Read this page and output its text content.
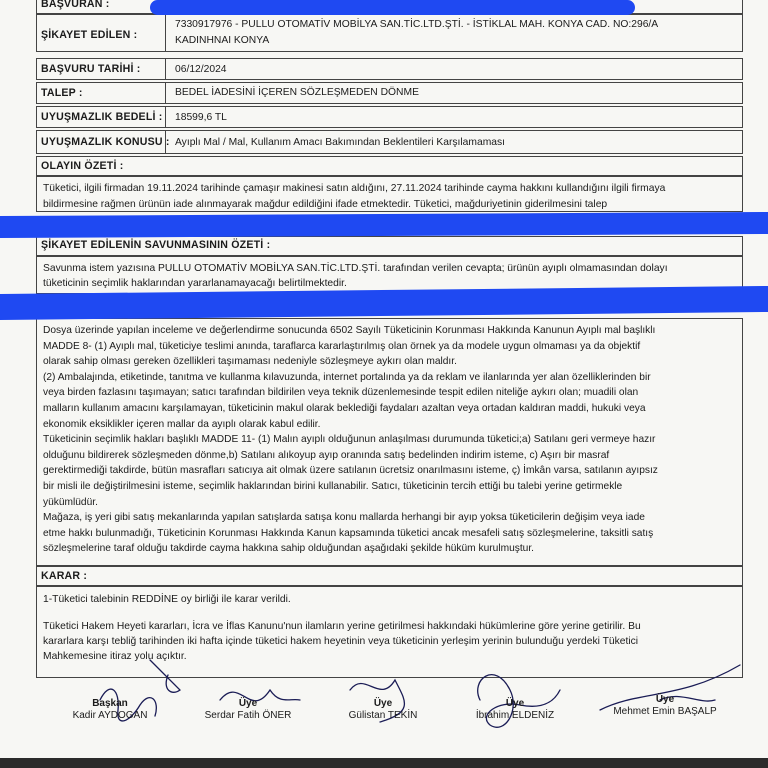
BAŞVURAN :
ŞİKAYET EDİLEN :
7330917976 - PULLU OTOMATİV MOBİLYA SAN.TİC.LTD.ŞTİ. - İSTİKLAL MAH. KONYA CAD. NO:296/A
KADINHNAI KONYA
BAŞVURU TARİHİ :	06/12/2024
TALEP :	BEDEL İADESİNİ İÇEREN SÖZLEŞMEDEN DÖNME
UYUŞMAZLIK BEDELİ : 18599,6 TL
UYUŞMAZLIK KONUSU : Ayıplı Mal / Mal, Kullanım Amacı Bakımından Beklentileri Karşılamaması
OLAYIN ÖZETİ :

Tüketici, ilgili firmadan 19.11.2024 tarihinde çamaşır makinesi satın aldığını, 27.11.2024 tarihinde cayma hakkını kullandığını ilgili firmaya

bildirmesine rağmen ürünün iade alınmayarak mağdur edildiğini ifade etmektedir. Tüketici, mağduriyetinin giderilmesini talep

ŞİKAYET EDİLENİN SAVUNMASININ ÖZETİ :

Savunma istem yazısına PULLU OTOMATİV MOBİLYA SAN.TİC.LTD.ŞTİ. tarafından verilen cevapta; ürünün ayıplı olmamasından dolayı

tüketicinin seçimlik haklarından yararlanamayacağı belirtilmektedir.

Dosya üzerinde yapılan inceleme ve değerlendirme sonucunda 6502 Sayılı Tüketicinin Korunması Hakkında Kanunun Ayıplı mal başlıklı

MADDE 8- (1) Ayıplı mal, tüketiciye teslimi anında, taraflarca kararlaştırılmış olan örnek ya da modele uygun olmaması ya da objektif

olarak sahip olması gereken özellikleri taşımaması nedeniyle sözleşmeye aykırı olan maldır.

(2) Ambalajında, etiketinde, tanıtma ve kullanma kılavuzunda, internet portalında ya da reklam ve ilanlarında yer alan özelliklerinden bir

veya birden fazlasını taşımayan; satıcı tarafından bildirilen veya teknik düzenlemesinde tespit edilen niteliğe aykırı olan; muadili olan

malların kullanım amacını karşılamayan, tüketicinin makul olarak beklediği faydaları azaltan veya ortadan kaldıran maddi, hukuki veya

ekonomik eksiklikler içeren mallar da ayıplı olarak kabul edilir.

Tüketicinin seçimlik hakları başlıklı MADDE 11- (1) Malın ayıplı olduğunun anlaşılması durumunda tüketici;a) Satılanı geri vermeye hazır

olduğunu bildirerek sözleşmeden dönme,b) Satılanı alıkoyup ayıp oranında satış bedelinden indirim isteme, c) Aşırı bir masraf

gerektirmediği takdirde, bütün masrafları satıcıya ait olmak üzere satılanın ücretsiz onarılmasını isteme, ç) İmkân varsa, satılanın ayıpsız

bir misli ile değiştirilmesini isteme, seçimlik haklarından birini kullanabilir. Satıcı, tüketicinin tercih ettiği bu talebi yerine getirmekle

yükümlüdür.

Mağaza, iş yeri gibi satış mekanlarında yapılan satışlarda satışa konu mallarda herhangi bir ayıp yoksa tüketicilerin değişim veya iade

etme hakkı bulunmadığı, Tüketicinin Korunması Hakkında Kanun kapsamında tüketici ancak mesafeli satış sözleşmelerine, taksitli satış

sözleşmelerine taraf olduğu takdirde cayma hakkına sahip olduğundan aşağıdaki şekilde hüküm kurulmuştur.

KARAR :

1-Tüketici talebinin REDDİNE oy birliği ile karar verildi.

Tüketici Hakem Heyeti kararları, İcra ve İflas Kanunu'nun ilamların yerine getirilmesi hakkındaki hükümlerine göre yerine getirilir. Bu

kararlara karşı tebliğ tarihinden iki hafta içinde tüketici hakem heyetinin veya tüketicinin yerleşim yerinin bulunduğu yerdeki Tüketici

Mahkemesine itiraz yolu açıktır.

Başkan
Kadir AYDOGAN
Üye
Serdar Fatih ÖNER
Üye
Gülistan TEKİN
Üye
İbrahim ELDENİZ
Üye
Mehmet Emin BAŞALP
